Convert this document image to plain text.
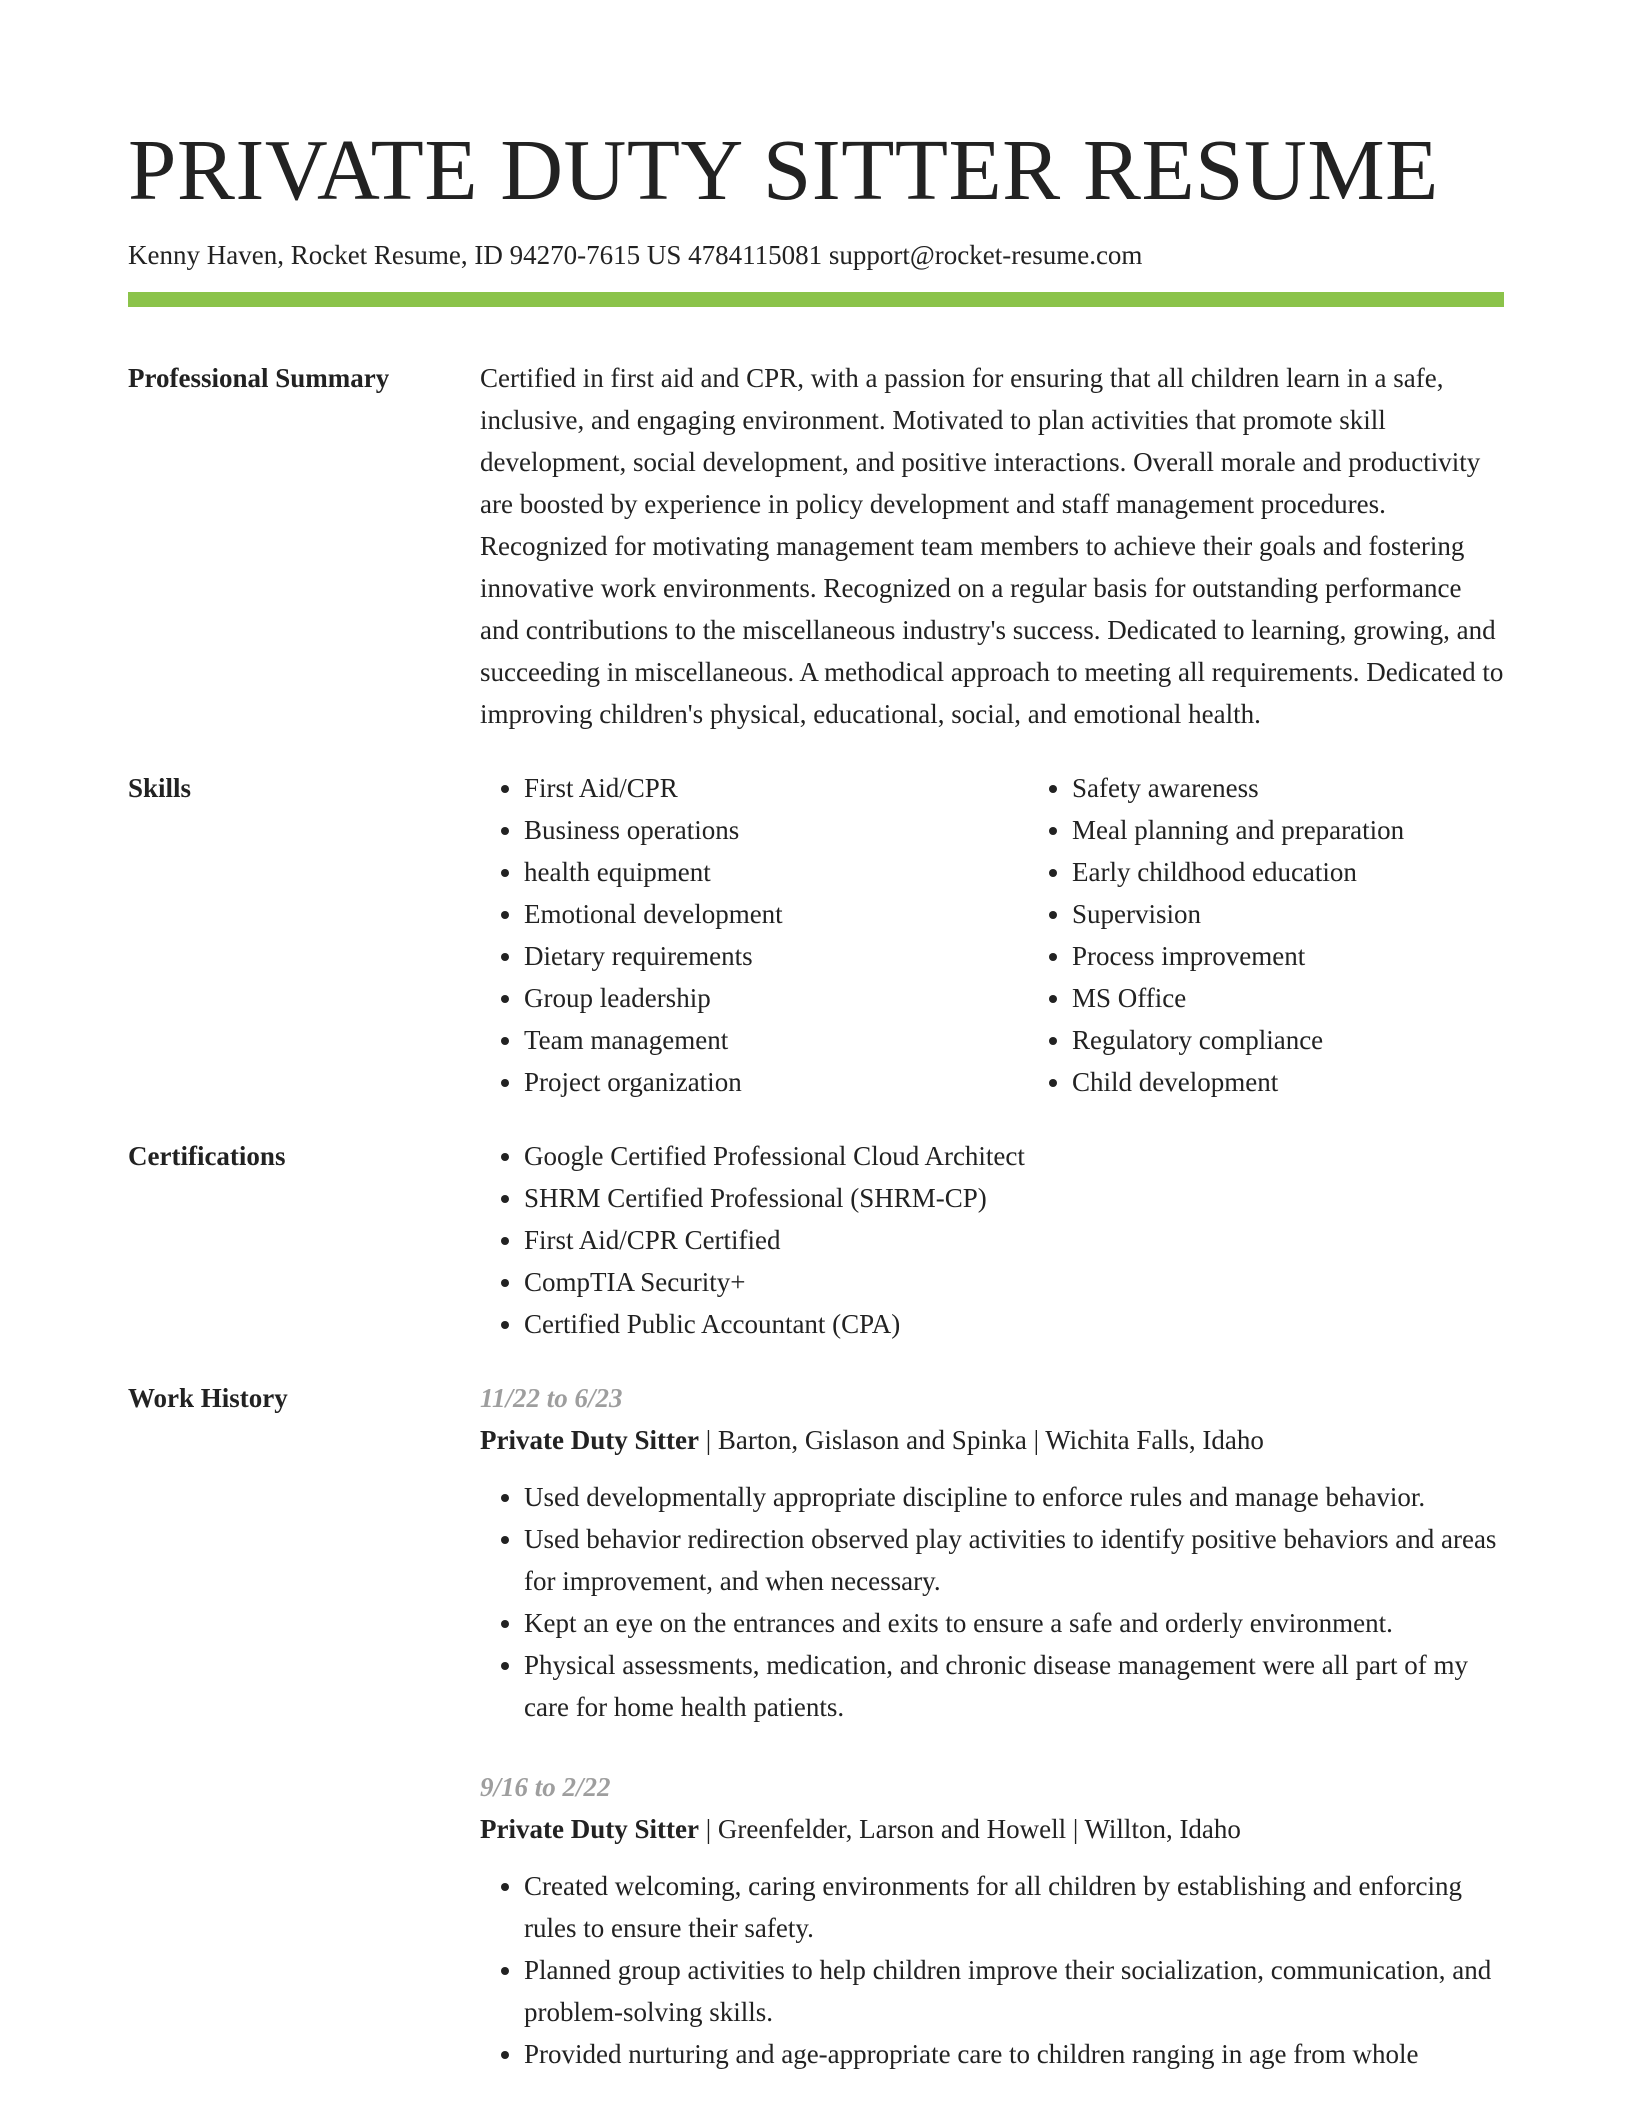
PRIVATE DUTY SITTER RESUME
Kenny Haven, Rocket Resume, ID 94270-7615 US 4784115081 support@rocket-resume.com
Professional Summary	Certified in first aid and CPR, with a passion for ensuring that all children learn in a safe, inclusive, and engaging environment. Motivated to plan activities that promote skill development, social development, and positive interactions. Overall morale and productivity are boosted by experience in policy development and staff management procedures. Recognized for motivating management team members to achieve their goals and fostering innovative work environments. Recognized on a regular basis for outstanding performance and contributions to the miscellaneous industry's success. Dedicated to learning, growing, and succeeding in miscellaneous. A methodical approach to meeting all requirements. Dedicated to improving children's physical, educational, social, and emotional health.

Skills	• First Aid/CPR
• Business operations
• health equipment
• Emotional development
• Dietary requirements
• Group leadership
• Team management
• Project organization
• Safety awareness
• Meal planning and preparation
• Early childhood education
• Supervision
• Process improvement
• MS Office
• Regulatory compliance
• Child development
Certifications	• Google Certified Professional Cloud Architect
• SHRM Certified Professional (SHRM-CP)
• First Aid/CPR Certified
• CompTIA Security+
• Certified Public Accountant (CPA)
Work History	11/22 to 6/23
Private Duty Sitter | Barton, Gislason and Spinka | Wichita Falls, Idaho
• Used developmentally appropriate discipline to enforce rules and manage behavior.
• Used behavior redirection observed play activities to identify positive behaviors and areas for improvement, and when necessary.
• Kept an eye on the entrances and exits to ensure a safe and orderly environment.
• Physical assessments, medication, and chronic disease management were all part of my care for home health patients.
9/16 to 2/22
Private Duty Sitter | Greenfelder, Larson and Howell | Willton, Idaho
• Created welcoming, caring environments for all children by establishing and enforcing rules to ensure their safety.
• Planned group activities to help children improve their socialization, communication, and problem-solving skills.
• Provided nurturing and age-appropriate care to children ranging in age from whole
